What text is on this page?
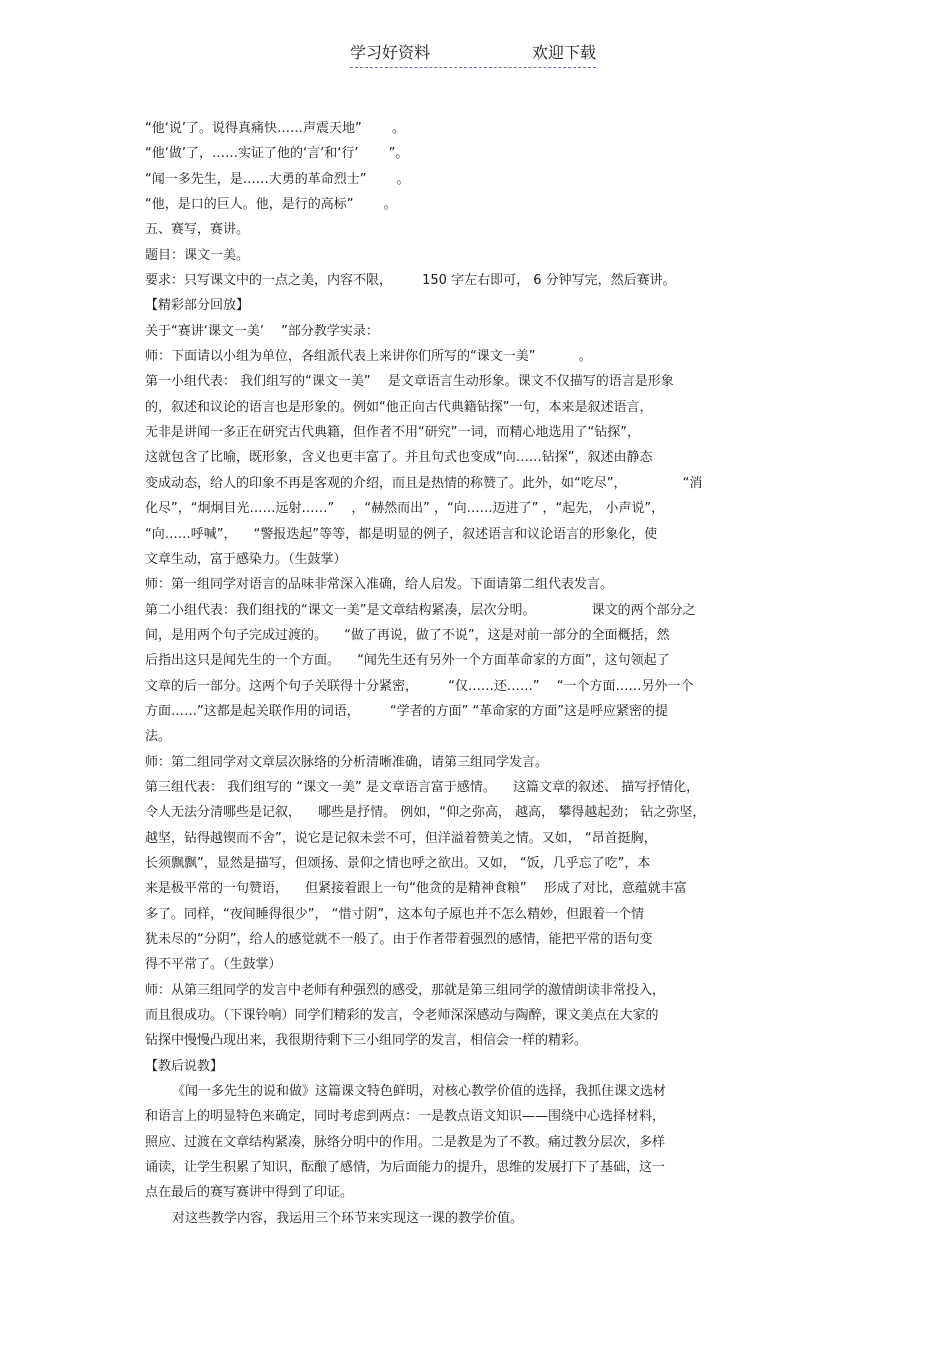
学习好资料	欢迎下载
“他‘说’了。说得真痛快……声震天地” 　　。
“他‘做’了，……实证了他的‘言’和‘行’ 　　”。
“闻一多先生，是……大勇的革命烈士” 　　。
“他，是口的巨人。他，是行的高标” 　　。
五、赛写，赛讲。
题目：课文一美。
要求：只写课文中的一点之美，内容不限， 　　150 字左右即可， 6 分钟写完，然后赛讲。
【精彩部分回放】
关于“赛讲‘课文一美’ 　”部分教学实录：
师：下面请以小组为单位，各组派代表上来讲你们所写的“课文一美” 　　　。
第一小组代表： 我们组写的“课文一美” 　是文章语言生动形象。课文不仅描写的语言是形象
的，叙述和议论的语言也是形象的。例如“他正向古代典籍钻探”一句，本来是叙述语言，
无非是讲闻一多正在研究古代典籍，但作者不用“研究”一词，而精心地选用了“钻探”，
这就包含了比喻，既形象，含义也更丰富了。并且句式也变成“向……钻探”，叙述由静态
变成动态，给人的印象不再是客观的介绍，而且是热情的称赞了。此外，如“吃尽”， 　　　　“消
化尽”，“炯炯目光……远射……” 　，“赫然而出” ，“向……迈进了” ，“起先， 小声说”，
“向……呼喊”， 　“警报迭起”等等，都是明显的例子，叙述语言和议论语言的形象化，使
文章生动，富于感染力。（生鼓掌）
师：第一组同学对语言的品味非常深入准确，给人启发。下面请第二组代表发言。
第二小组代表：我们组找的“课文一美”是文章结构紧凑，层次分明。 　　　　课文的两个部分之
间，是用两个句子完成过渡的。 　“做了再说，做了不说”，这是对前一部分的全面概括，然
后指出这只是闻先生的一个方面。 　“闻先生还有另外一个方面革命家的方面”，这句领起了
文章的后一部分。这两个句子关联得十分紧密， 　　“仅……还……” 　“一个方面……另外一个
方面……”这都是起关联作用的词语， 　　“学者的方面” “革命家的方面”这是呼应紧密的提
法。
师：第二组同学对文章层次脉络的分析清晰准确，请第三组同学发言。
第三组代表： 我们组写的 “课文一美” 是文章语言富于感情。 　这篇文章的叙述、 描写抒情化，
令人无法分清哪些是记叙， 　哪些是抒情。 例如，“仰之弥高， 越高， 攀得越起劲； 钻之弥坚，
越坚，钻得越锲而不舍”，说它是记叙未尝不可，但洋溢着赞美之情。又如， “昂首挺胸，
长须飘飘”，显然是描写，但颂扬、景仰之情也呼之欲出。又如， “饭，几乎忘了吃”，本
来是极平常的一句赞语， 　但紧接着跟上一句“他贪的是精神食粮” 　形成了对比，意蕴就丰富
多了。同样，“夜间睡得很少”， “惜寸阴”，这本句子原也并不怎么精妙，但跟着一个情
犹未尽的“分阴”，给人的感觉就不一般了。由于作者带着强烈的感情，能把平常的语句变
得不平常了。（生鼓掌）
师：从第三组同学的发言中老师有种强烈的感受，那就是第三组同学的激情朗读非常投入，
而且很成功。（下课铃响）同学们精彩的发言，令老师深深感动与陶醉，课文美点在大家的
钻探中慢慢凸现出来，我很期待剩下三小组同学的发言，相信会一样的精彩。
【教后说教】
《闻一多先生的说和做》这篇课文特色鲜明，对核心教学价值的选择，我抓住课文选材
和语言上的明显特色来确定，同时考虑到两点：一是教点语文知识——围绕中心选择材料，
照应、过渡在文章结构紧凑，脉络分明中的作用。二是教是为了不教。痛过教分层次，多样
诵读，让学生积累了知识，酝酿了感情，为后面能力的提升，思维的发展打下了基础，这一
点在最后的赛写赛讲中得到了印证。
对这些教学内容，我运用三个环节来实现这一课的教学价值。
